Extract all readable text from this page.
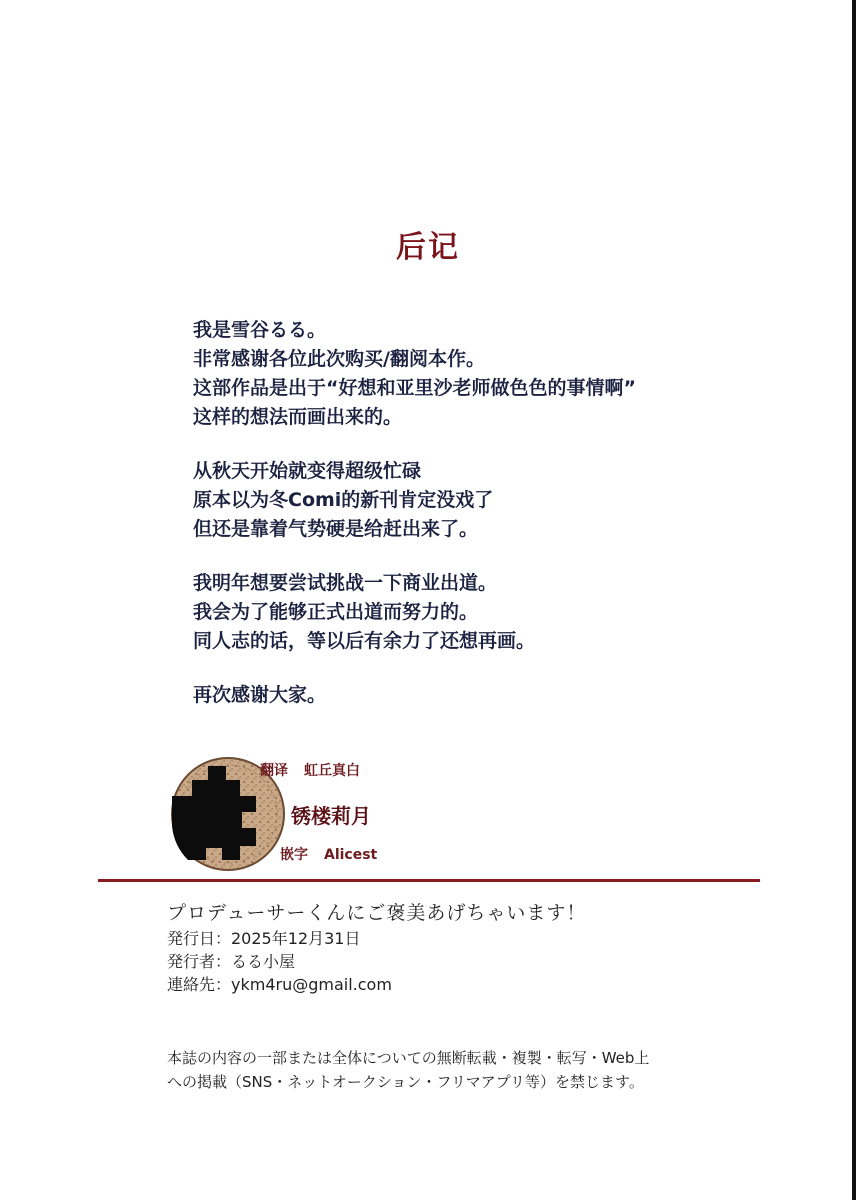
后记
我是雪谷るる。
非常感谢各位此次购买/翻阅本作。
这部作品是出于“好想和亚里沙老师做色色的事情啊”
这样的想法而画出来的。
从秋天开始就变得超级忙碌
原本以为冬Comi的新刊肯定没戏了
但还是靠着气势硬是给赶出来了。
我明年想要尝试挑战一下商业出道。
我会为了能够正式出道而努力的。
同人志的话，等以后有余力了还想再画。
再次感谢大家。
翻译 虹丘真白
锈楼莉月
嵌字 Alicest
プロデューサーくんにご褒美あげちゃいます！
発行日：2025年12月31日
発行者：るる小屋
連絡先：ykm4ru@gmail.com
本誌の内容の一部または全体についての無断転載・複製・転写・Web上
への掲載（SNS・ネットオークション・フリマアプリ等）を禁じます。
